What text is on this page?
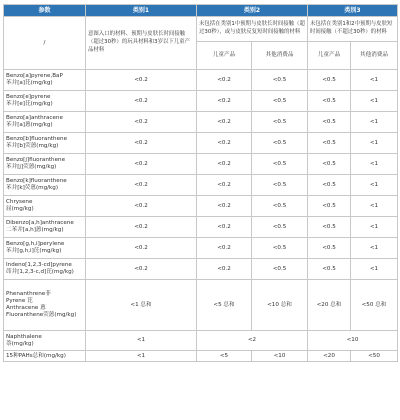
参数	类别1	类别2		类别3	
/	意图入口的材料、预期与皮肤长时间接触（超过30秒）的玩具材料和3岁以下儿童产品材料	未包括在类别1中预期与皮肤长时间接触（超过30秒），或与皮肤反复短时间接触的材料		未包括在类别1和2中预期与皮肤短时间接触（不超过30秒）的材料	
		儿童产品	其他消费品	儿童产品	其他消费品

Benzo[a]pyrene,BaP
苯并[a]芘(mg/kg)	<0.2	<0.2	<0.5	<0.5	<1

Benzo[e]pyrene
苯并[e]芘(mg/kg)	<0.2	<0.2	<0.5	<0.5	<1

Benzo[a]anthracene
苯并[a]蒽(mg/kg)	<0.2	<0.2	<0.5	<0.5	<1

Benzo[b]fluoranthene
苯并[b]荧蒽(mg/kg)	<0.2	<0.2	<0.5	<0.5	<1

Benzo[j]fluoranthene
苯并[j]荧蒽(mg/kg)	<0.2	<0.2	<0.5	<0.5	<1

Benzo[k]fluoranthene
苯并[k]荧蒽(mg/kg)	<0.2	<0.2	<0.5	<0.5	<1

Chrysene
屈(mg/kg)	<0.2	<0.2	<0.5	<0.5	<1

Dibenzo[a,h]anthracene
二苯并[a,h]蒽(mg/kg)	<0.2	<0.2	<0.5	<0.5	<1

Benzo[g,h,i]perylene
苯并[g,h,i]芘(mg/kg)	<0.2	<0.2	<0.5	<0.5	<1

Indeno[1,2,3-cd]pyrene
茚并[1,2,3-c,d]芘(mg/kg)	<0.2	<0.2	<0.5	<0.5	<1

Phenanthrene菲
Pyrene 芘
Anthracene 蒽
Fluoranthene荧蒽(mg/kg)	<1 总和	<5 总和	<10 总和	<20 总和	<50 总和

Naphthalene
萘(mg/kg)	<1	<2		<10	
15种PAHs总和(mg/kg)	<1	<5	<10	<20	<50
